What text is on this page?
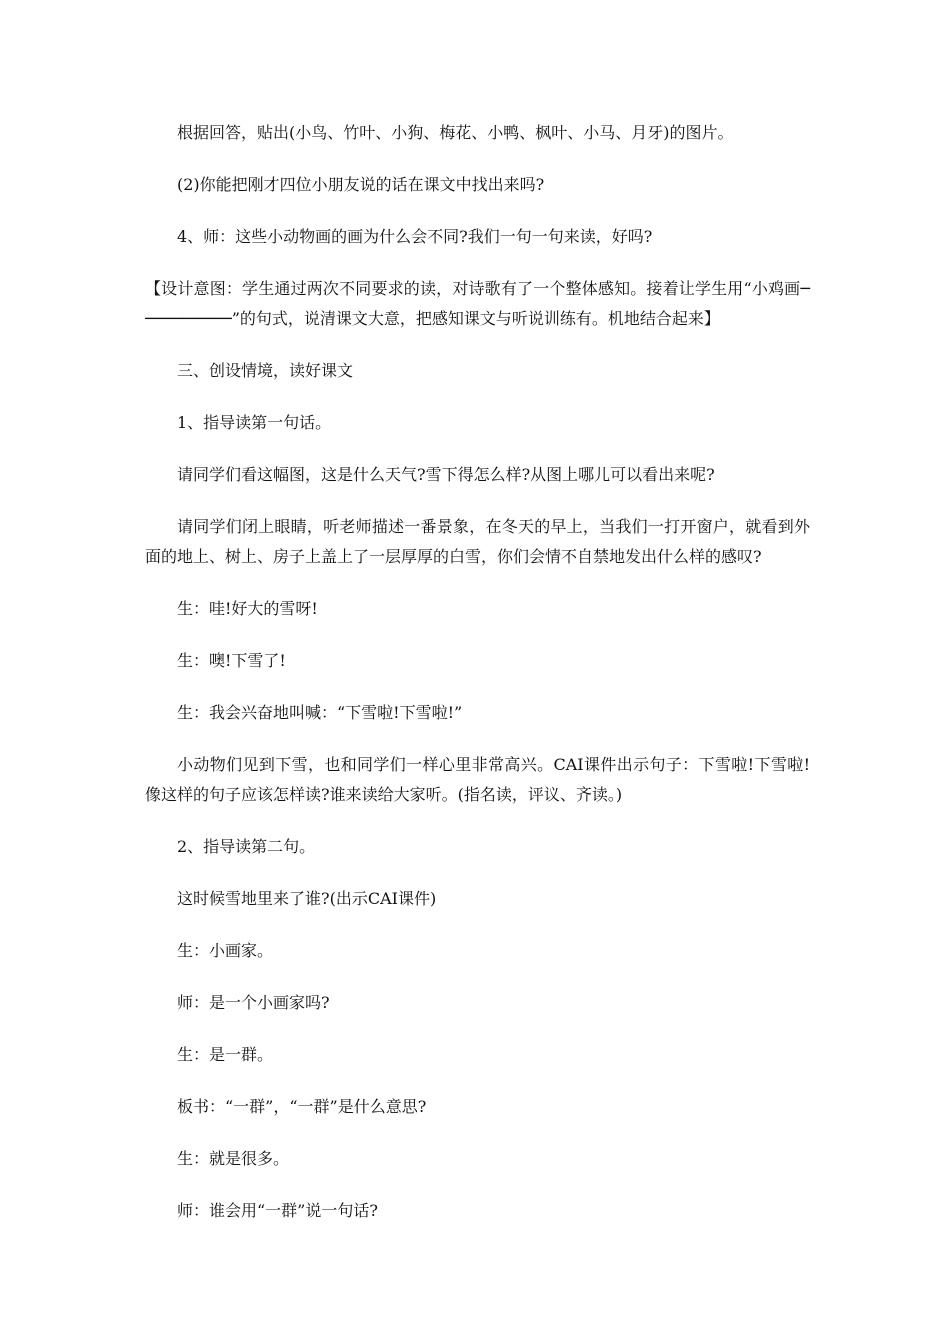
根据回答，贴出(小鸟、竹叶、小狗、梅花、小鸭、枫叶、小马、月牙)的图片。

(2)你能把刚才四位小朋友说的话在课文中找出来吗?

4、师：这些小动物画的画为什么会不同?我们一句一句来读，好吗?

【设计意图：学生通过两次不同要求的读，对诗歌有了一个整体感知。接着让学生用“小鸡画──────────”的句式，说清课文大意，把感知课文与听说训练有。机地结合起来】

三、创设情境，读好课文

1、指导读第一句话。

请同学们看这幅图，这是什么天气?雪下得怎么样?从图上哪儿可以看出来呢?

请同学们闭上眼睛，听老师描述一番景象，在冬天的早上，当我们一打开窗户，就看到外面的地上、树上、房子上盖上了一层厚厚的白雪，你们会情不自禁地发出什么样的感叹?

生：哇!好大的雪呀!

生：噢!下雪了!

生：我会兴奋地叫喊：“下雪啦!下雪啦!”

小动物们见到下雪，也和同学们一样心里非常高兴。CAI课件出示句子：下雪啦!下雪啦!像这样的句子应该怎样读?谁来读给大家听。(指名读，评议、齐读。)

2、指导读第二句。

这时候雪地里来了谁?(出示CAI课件)

生：小画家。

师：是一个小画家吗?

生：是一群。

板书：“一群”，“一群”是什么意思?

生：就是很多。

师：谁会用“一群”说一句话?
